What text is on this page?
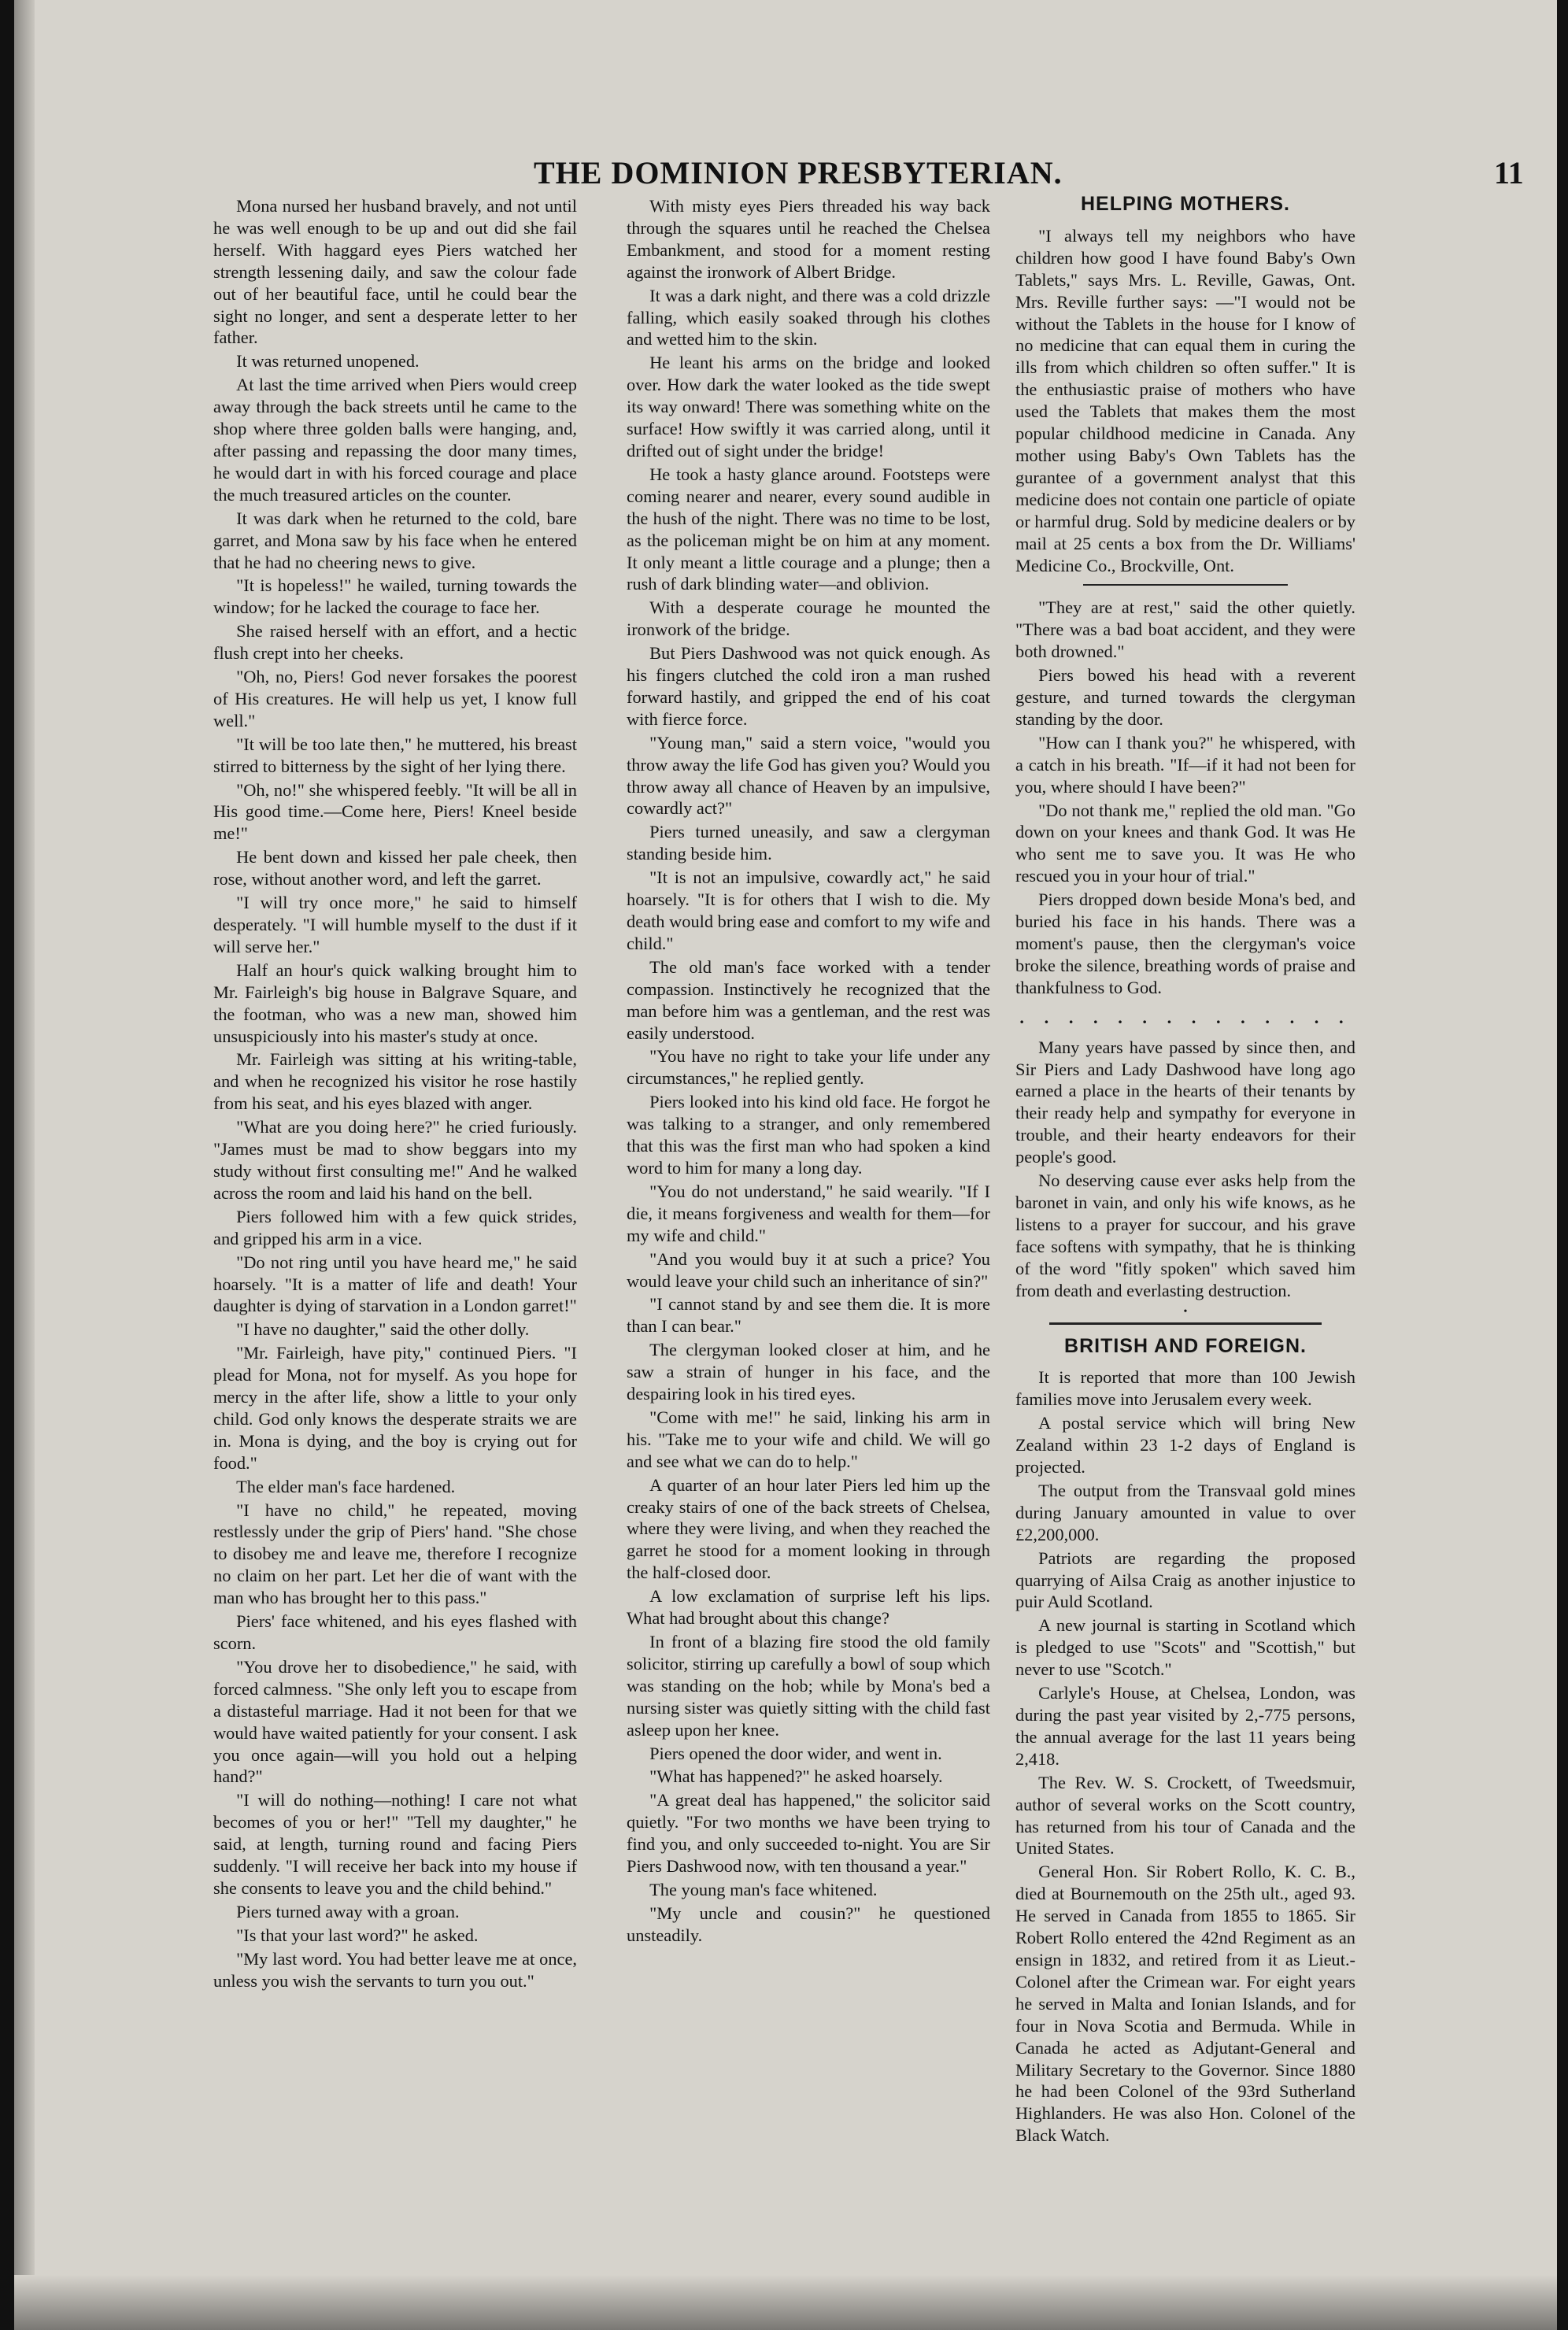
THE DOMINION PRESBYTERIAN.	11

Mona nursed her husband bravely, and not until he was well enough to be up and out did she fail herself. With haggard eyes Piers watched her strength lessening daily, and saw the colour fade out of her beautiful face, until he could bear the sight no longer, and sent a desperate letter to her father.

It was returned unopened.

At last the time arrived when Piers would creep away through the back streets until he came to the shop where three golden balls were hanging, and, after passing and repassing the door many times, he would dart in with his forced courage and place the much treasured articles on the counter.

It was dark when he returned to the cold, bare garret, and Mona saw by his face when he entered that he had no cheering news to give.

"It is hopeless!" he wailed, turning towards the window; for he lacked the courage to face her.

She raised herself with an effort, and a hectic flush crept into her cheeks.

"Oh, no, Piers! God never forsakes the poorest of His creatures. He will help us yet, I know full well."

"It will be too late then," he muttered, his breast stirred to bitterness by the sight of her lying there.

"Oh, no!" she whispered feebly. "It will be all in His good time.—Come here, Piers! Kneel beside me!"

He bent down and kissed her pale cheek, then rose, without another word, and left the garret.

"I will try once more," he said to himself desperately. "I will humble myself to the dust if it will serve her."

Half an hour's quick walking brought him to Mr. Fairleigh's big house in Balgrave Square, and the footman, who was a new man, showed him unsuspiciously into his master's study at once.

Mr. Fairleigh was sitting at his writing-table, and when he recognized his visitor he rose hastily from his seat, and his eyes blazed with anger.

"What are you doing here?" he cried furiously. "James must be mad to show beggars into my study without first consulting me!" And he walked across the room and laid his hand on the bell.

Piers followed him with a few quick strides, and gripped his arm in a vice.

"Do not ring until you have heard me," he said hoarsely. "It is a matter of life and death! Your daughter is dying of starvation in a London garret!"

"I have no daughter," said the other dolly.

"Mr. Fairleigh, have pity," continued Piers. "I plead for Mona, not for myself. As you hope for mercy in the after life, show a little to your only child. God only knows the desperate straits we are in. Mona is dying, and the boy is crying out for food."

The elder man's face hardened.

"I have no child," he repeated, moving restlessly under the grip of Piers' hand. "She chose to disobey me and leave me, therefore I recognize no claim on her part. Let her die of want with the man who has brought her to this pass."

Piers' face whitened, and his eyes flashed with scorn.

"You drove her to disobedience," he said, with forced calmness. "She only left you to escape from a distasteful marriage. Had it not been for that we would have waited patiently for your consent. I ask you once again—will you hold out a helping hand?"

"I will do nothing—nothing! I care not what becomes of you or her!" "Tell my daughter," he said, at length, turning round and facing Piers suddenly. "I will receive her back into my house if she consents to leave you and the child behind."

Piers turned away with a groan.

"Is that your last word?" he asked.

"My last word. You had better leave me at once, unless you wish the servants to turn you out."

With misty eyes Piers threaded his way back through the squares until he reached the Chelsea Embankment, and stood for a moment resting against the ironwork of Albert Bridge.

It was a dark night, and there was a cold drizzle falling, which easily soaked through his clothes and wetted him to the skin.

He leant his arms on the bridge and looked over. How dark the water looked as the tide swept its way onward! There was something white on the surface! How swiftly it was carried along, until it drifted out of sight under the bridge!

He took a hasty glance around. Footsteps were coming nearer and nearer, every sound audible in the hush of the night. There was no time to be lost, as the policeman might be on him at any moment. It only meant a little courage and a plunge; then a rush of dark blinding water—and oblivion.

With a desperate courage he mounted the ironwork of the bridge.

But Piers Dashwood was not quick enough. As his fingers clutched the cold iron a man rushed forward hastily, and gripped the end of his coat with fierce force.

"Young man," said a stern voice, "would you throw away the life God has given you? Would you throw away all chance of Heaven by an impulsive, cowardly act?"

Piers turned uneasily, and saw a clergyman standing beside him.

"It is not an impulsive, cowardly act," he said hoarsely. "It is for others that I wish to die. My death would bring ease and comfort to my wife and child."

The old man's face worked with a tender compassion. Instinctively he recognized that the man before him was a gentleman, and the rest was easily understood.

"You have no right to take your life under any circumstances," he replied gently.

Piers looked into his kind old face. He forgot he was talking to a stranger, and only remembered that this was the first man who had spoken a kind word to him for many a long day.

"You do not understand," he said wearily. "If I die, it means forgiveness and wealth for them—for my wife and child."

"And you would buy it at such a price? You would leave your child such an inheritance of sin?"

"I cannot stand by and see them die. It is more than I can bear."

The clergyman looked closer at him, and he saw a strain of hunger in his face, and the despairing look in his tired eyes.

"Come with me!" he said, linking his arm in his. "Take me to your wife and child. We will go and see what we can do to help."

A quarter of an hour later Piers led him up the creaky stairs of one of the back streets of Chelsea, where they were living, and when they reached the garret he stood for a moment looking in through the half-closed door.

A low exclamation of surprise left his lips. What had brought about this change?

In front of a blazing fire stood the old family solicitor, stirring up carefully a bowl of soup which was standing on the hob; while by Mona's bed a nursing sister was quietly sitting with the child fast asleep upon her knee.

Piers opened the door wider, and went in.

"What has happened?" he asked hoarsely.

"A great deal has happened," the solicitor said quietly. "For two months we have been trying to find you, and only succeeded to-night. You are Sir Piers Dashwood now, with ten thousand a year."

The young man's face whitened.

"My uncle and cousin?" he questioned unsteadily.

HELPING MOTHERS.

"I always tell my neighbors who have children how good I have found Baby's Own Tablets," says Mrs. L. Reville, Gawas, Ont. Mrs. Reville further says: —"I would not be without the Tablets in the house for I know of no medicine that can equal them in curing the ills from which children so often suffer." It is the enthusiastic praise of mothers who have used the Tablets that makes them the most popular childhood medicine in Canada. Any mother using Baby's Own Tablets has the gurantee of a government analyst that this medicine does not contain one particle of opiate or harmful drug. Sold by medicine dealers or by mail at 25 cents a box from the Dr. Williams' Medicine Co., Brockville, Ont.

"They are at rest," said the other quietly. "There was a bad boat accident, and they were both drowned."

Piers bowed his head with a reverent gesture, and turned towards the clergyman standing by the door.

"How can I thank you?" he whispered, with a catch in his breath. "If—if it had not been for you, where should I have been?"

"Do not thank me," replied the old man. "Go down on your knees and thank God. It was He who sent me to save you. It was He who rescued you in your hour of trial."

Piers dropped down beside Mona's bed, and buried his face in his hands. There was a moment's pause, then the clergyman's voice broke the silence, breathing words of praise and thankfulness to God.

. . . . . . . . . . . . . .

Many years have passed by since then, and Sir Piers and Lady Dashwood have long ago earned a place in the hearts of their tenants by their ready help and sympathy for everyone in trouble, and their hearty endeavors for their people's good.

No deserving cause ever asks help from the baronet in vain, and only his wife knows, as he listens to a prayer for succour, and his grave face softens with sympathy, that he is thinking of the word "fitly spoken" which saved him from death and everlasting destruction.

•
BRITISH AND FOREIGN.

It is reported that more than 100 Jewish families move into Jerusalem every week.

A postal service which will bring New Zealand within 23 1-2 days of England is projected.

The output from the Transvaal gold mines during January amounted in value to over £2,200,000.

Patriots are regarding the proposed quarrying of Ailsa Craig as another injustice to puir Auld Scotland.

A new journal is starting in Scotland which is pledged to use "Scots" and "Scottish," but never to use "Scotch."

Carlyle's House, at Chelsea, London, was during the past year visited by 2,-775 persons, the annual average for the last 11 years being 2,418.

The Rev. W. S. Crockett, of Tweedsmuir, author of several works on the Scott country, has returned from his tour of Canada and the United States.

General Hon. Sir Robert Rollo, K. C. B., died at Bournemouth on the 25th ult., aged 93. He served in Canada from 1855 to 1865. Sir Robert Rollo entered the 42nd Regiment as an ensign in 1832, and retired from it as Lieut.-Colonel after the Crimean war. For eight years he served in Malta and Ionian Islands, and for four in Nova Scotia and Bermuda. While in Canada he acted as Adjutant-General and Military Secretary to the Governor. Since 1880 he had been Colonel of the 93rd Sutherland Highlanders. He was also Hon. Colonel of the Black Watch.
